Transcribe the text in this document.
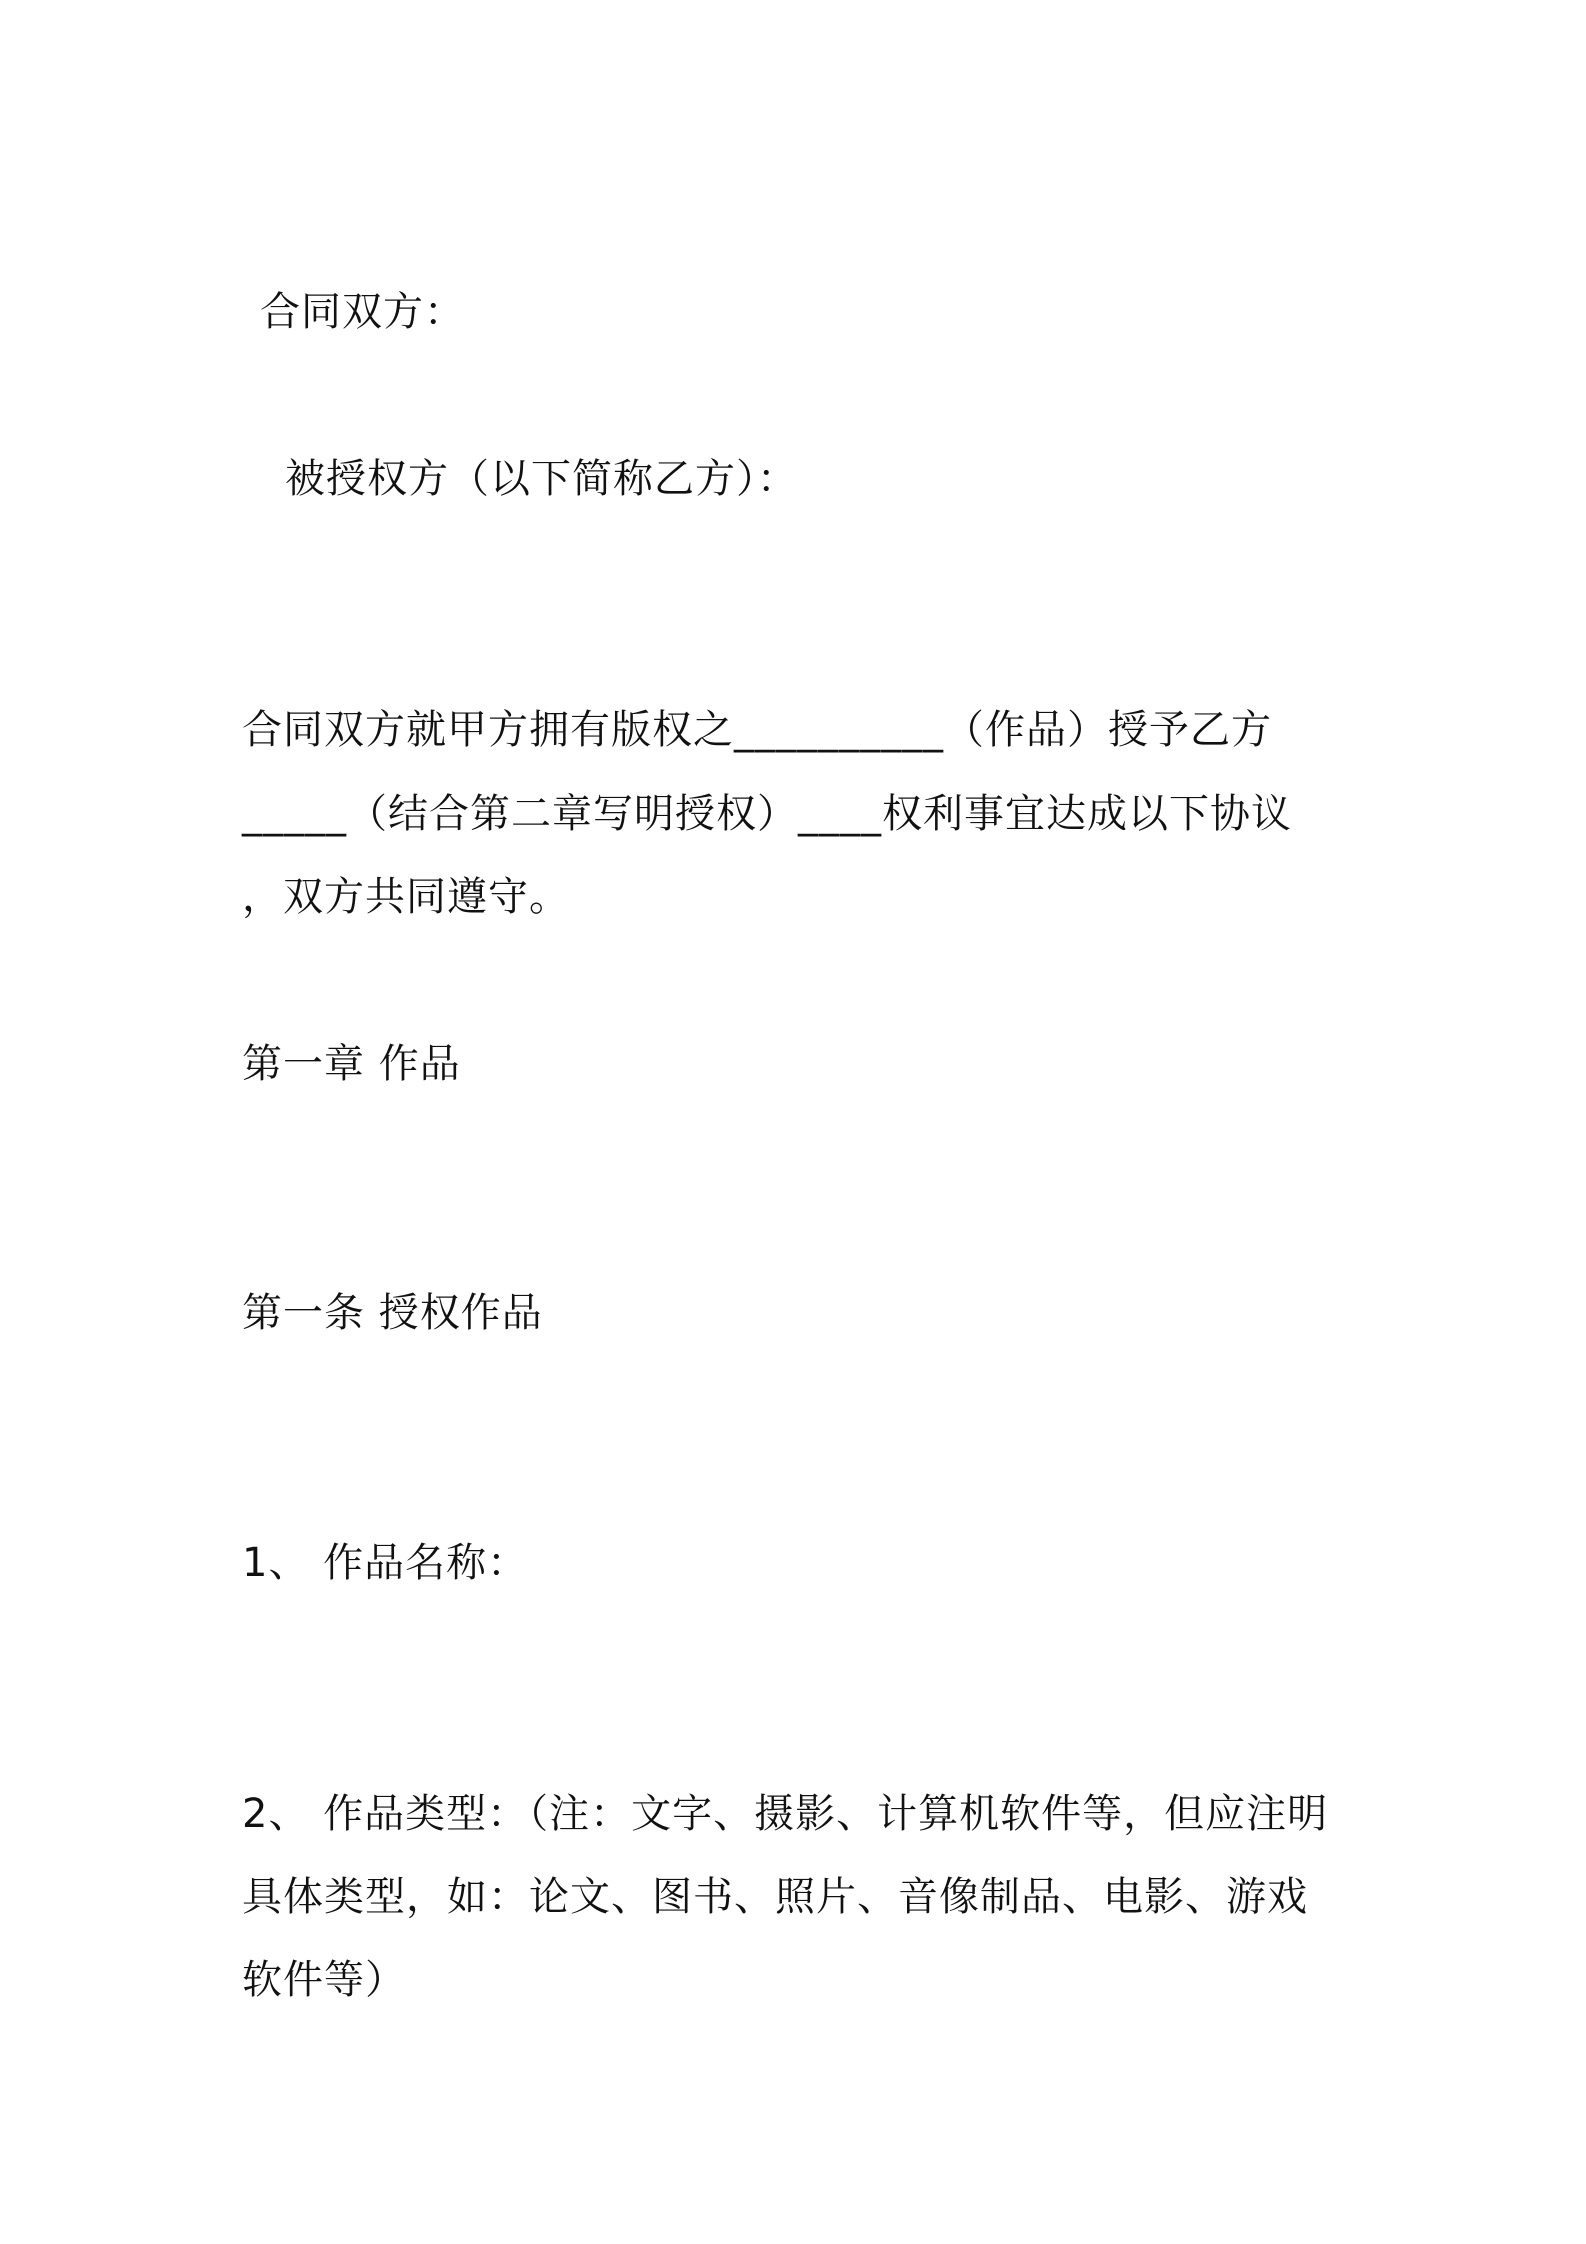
合同双方：
被授权方（以下简称乙方）：
合同双方就甲方拥有版权之__________（作品）授予乙方
_____（结合第二章写明授权）____权利事宜达成以下协议
，双方共同遵守。
第一章 作品
第一条 授权作品
1、 作品名称：
2、 作品类型：（注：文字、摄影、计算机软件等，但应注明
具体类型，如：论文、图书、照片、音像制品、电影、游戏
软件等）
